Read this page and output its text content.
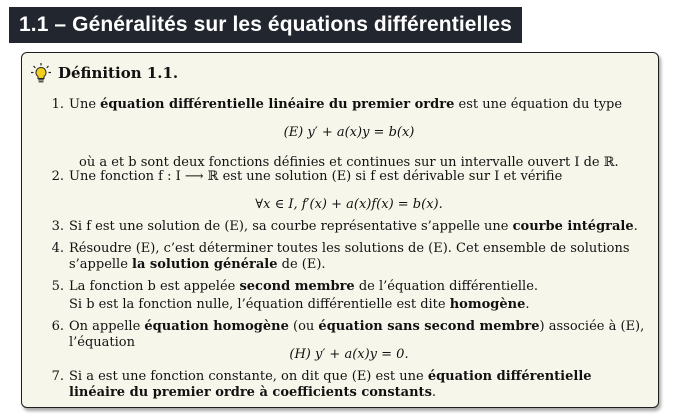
1.1 – Généralités sur les équations différentielles
Définition 1.1.
1. Une équation différentielle linéaire du premier ordre est une équation du type
(E) y′ + a(x)y = b(x)
où a et b sont deux fonctions définies et continues sur un intervalle ouvert I de ℝ.
2. Une fonction f : I ⟶ ℝ est une solution (E) si f est dérivable sur I et vérifie
∀x ∈ I, f′(x) + a(x)f(x) = b(x).
3. Si f est une solution de (E), sa courbe représentative s’appelle une courbe intégrale.
4. Résoudre (E), c’est déterminer toutes les solutions de (E). Cet ensemble de solutions s’appelle la solution générale de (E).
5. La fonction b est appelée second membre de l’équation différentielle.
Si b est la fonction nulle, l’équation différentielle est dite homogène.
6. On appelle équation homogène (ou équation sans second membre) associée à (E), l’équation
(H) y′ + a(x)y = 0.
7. Si a est une fonction constante, on dit que (E) est une équation différentielle linéaire du premier ordre à coefficients constants.
